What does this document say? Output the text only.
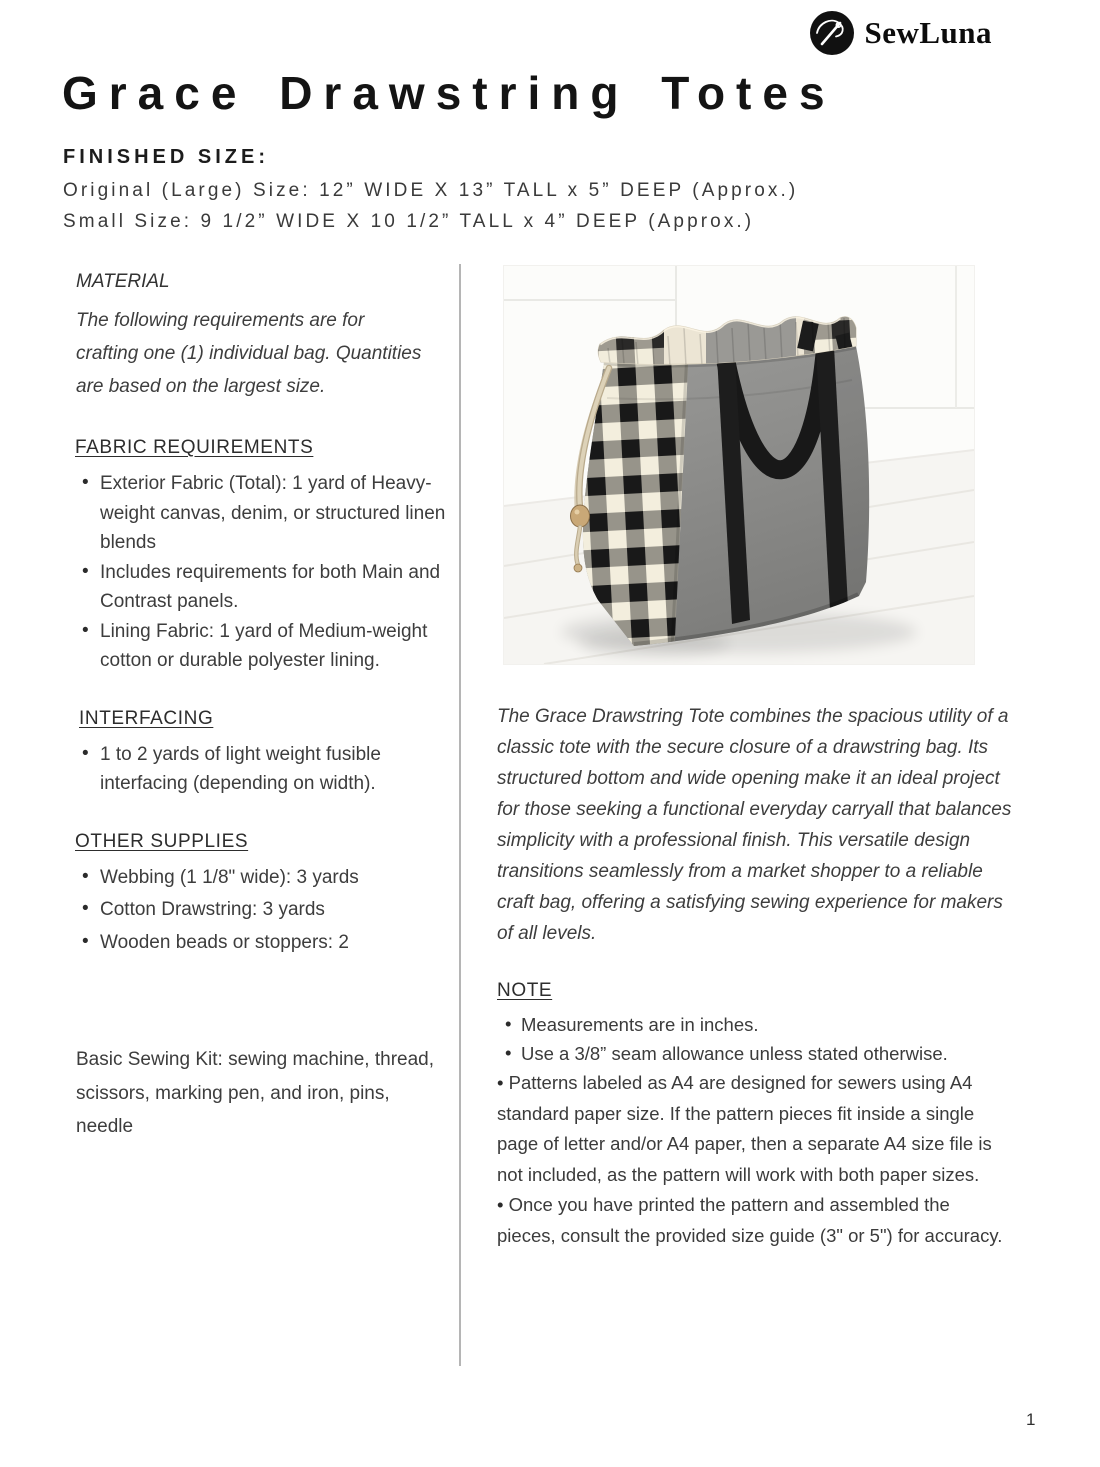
SewLuna
Grace Drawstring Totes
FINISHED SIZE:
Original (Large) Size: 12” WIDE X 13” TALL x 5” DEEP (Approx.)
Small Size: 9 1/2” WIDE X 10 1/2” TALL x 4” DEEP (Approx.)
MATERIAL

The following requirements are for crafting one (1) individual bag. Quantities are based on the largest size.

FABRIC REQUIREMENTS
• Exterior Fabric (Total): 1 yard of Heavy-weight canvas, denim, or structured linen blends
• Includes requirements for both Main and Contrast panels.
• Lining Fabric: 1 yard of Medium-weight cotton or durable polyester lining.
INTERFACING
• 1 to 2 yards of light weight fusible interfacing (depending on width).
OTHER SUPPLIES
• Webbing (1 1/8" wide): 3 yards
• Cotton Drawstring: 3 yards
• Wooden beads or stoppers: 2

Basic Sewing Kit: sewing machine, thread, scissors, marking pen, and iron, pins, needle

The Grace Drawstring Tote combines the spacious utility of a classic tote with the secure closure of a drawstring bag. Its structured bottom and wide opening make it an ideal project for those seeking a functional everyday carryall that balances simplicity with a professional finish. This versatile design transitions seamlessly from a market shopper to a reliable craft bag, offering a satisfying sewing experience for makers of all levels.

NOTE
• Measurements are in inches.
• Use a 3/8” seam allowance unless stated otherwise.

• Patterns labeled as A4 are designed for sewers using A4 standard paper size. If the pattern pieces fit inside a single page of letter and/or A4 paper, then a separate A4 size file is not included, as the pattern will work with both paper sizes.

• Once you have printed the pattern and assembled the pieces, consult the provided size guide (3" or 5") for accuracy.

1
